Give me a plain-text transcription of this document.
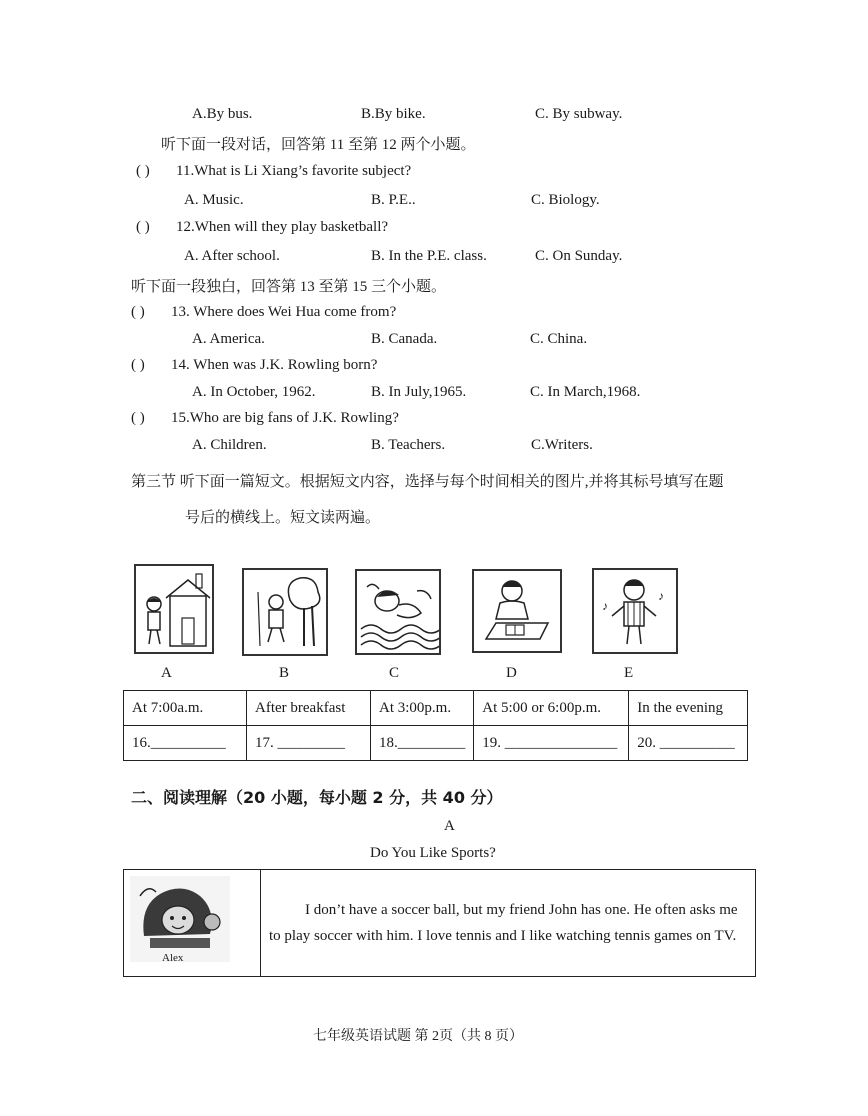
A.By bus.	B.By bike.	C. By subway.
听下面一段对话，回答第 11 至第 12 两个小题。
( ) 11.What is Li Xiang’s favorite subject?
A. Music.	B. P.E..	C. Biology.
( ) 12.When will they play basketball?
A. After school.	B. In the P.E. class.	C. On Sunday.
听下面一段独白，回答第 13 至第 15 三个小题。
( ) 13. Where does Wei Hua come from?
A. America.	B. Canada.	C. China.
( ) 14. When was J.K. Rowling born?
A. In October, 1962.	B. In July,1965.	C. In March,1968.
( ) 15.Who are big fans of J.K. Rowling?
A. Children.	B. Teachers.	C.Writers.
第三节 听下面一篇短文。根据短文内容，选择与每个时间相关的图片,并将其标号填写在题
号后的横线上。短文读两遍。
♪
♪
A	B	C	D	E
At 7:00a.m.	After breakfast	At 3:00p.m.	At 5:00 or 6:00p.m.	In the evening
16.__________	17. _________	18._________	19. _______________	20. __________
二、阅读理解（20 小题，每小题 2 分，共 40 分）
A
Do You Like Sports?
Alex
	I don’t have a soccer ball, but my friend John has one. He often asks me to play soccer with him. I love tennis and I like watching tennis games on TV.
七年级英语试题 第 2页（共 8 页）
